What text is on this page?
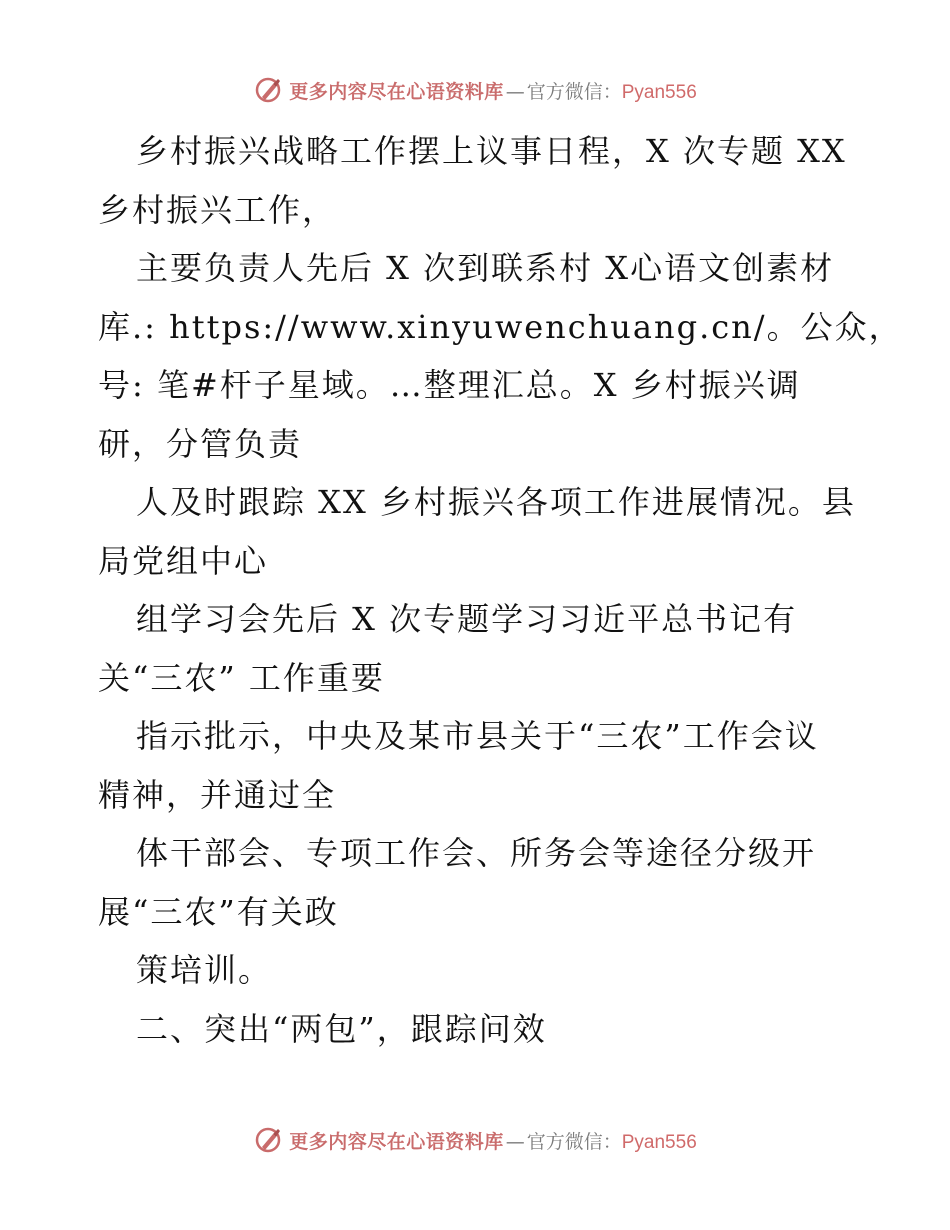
更多内容尽在心语资料库 — 官方微信： Pyan556
乡村振兴战略工作摆上议事日程，X 次专题 XX
乡村振兴工作，
主要负责人先后 X 次到联系村 X心语文创素材
库.: https://www.xinyuwenchuang.cn/。公众，
号: 笔#杆子星域。…整理汇总。X 乡村振兴调
研，分管负责
人及时跟踪 XX 乡村振兴各项工作进展情况。县
局党组中心
组学习会先后 X 次专题学习习近平总书记有
关“三农” 工作重要
指示批示，中央及某市县关于“三农”工作会议
精神，并通过全
体干部会、专项工作会、所务会等途径分级开
展“三农”有关政
策培训。
二、突出“两包”，跟踪问效
更多内容尽在心语资料库 — 官方微信： Pyan556
